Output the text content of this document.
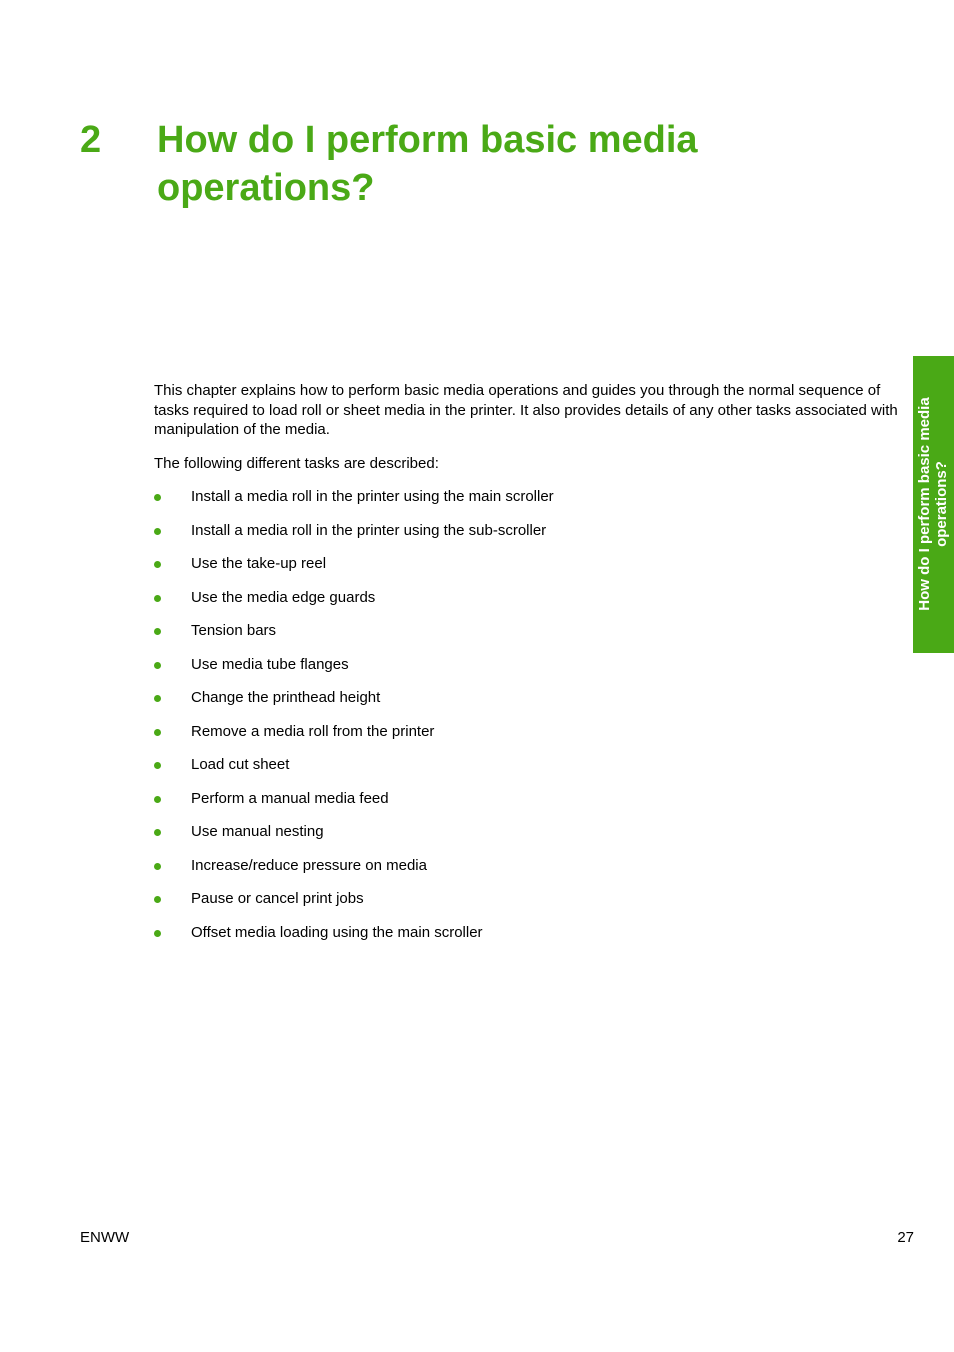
2 How do I perform basic media operations?
How do I perform basic media operations?

This chapter explains how to perform basic media operations and guides you through the normal sequence of tasks required to load roll or sheet media in the printer. It also provides details of any other tasks associated with manipulation of the media.

The following different tasks are described:

Install a media roll in the printer using the main scroller
Install a media roll in the printer using the sub-scroller
Use the take-up reel
Use the media edge guards
Tension bars
Use media tube flanges
Change the printhead height
Remove a media roll from the printer
Load cut sheet
Perform a manual media feed
Use manual nesting
Increase/reduce pressure on media
Pause or cancel print jobs
Offset media loading using the main scroller
ENWW	27
